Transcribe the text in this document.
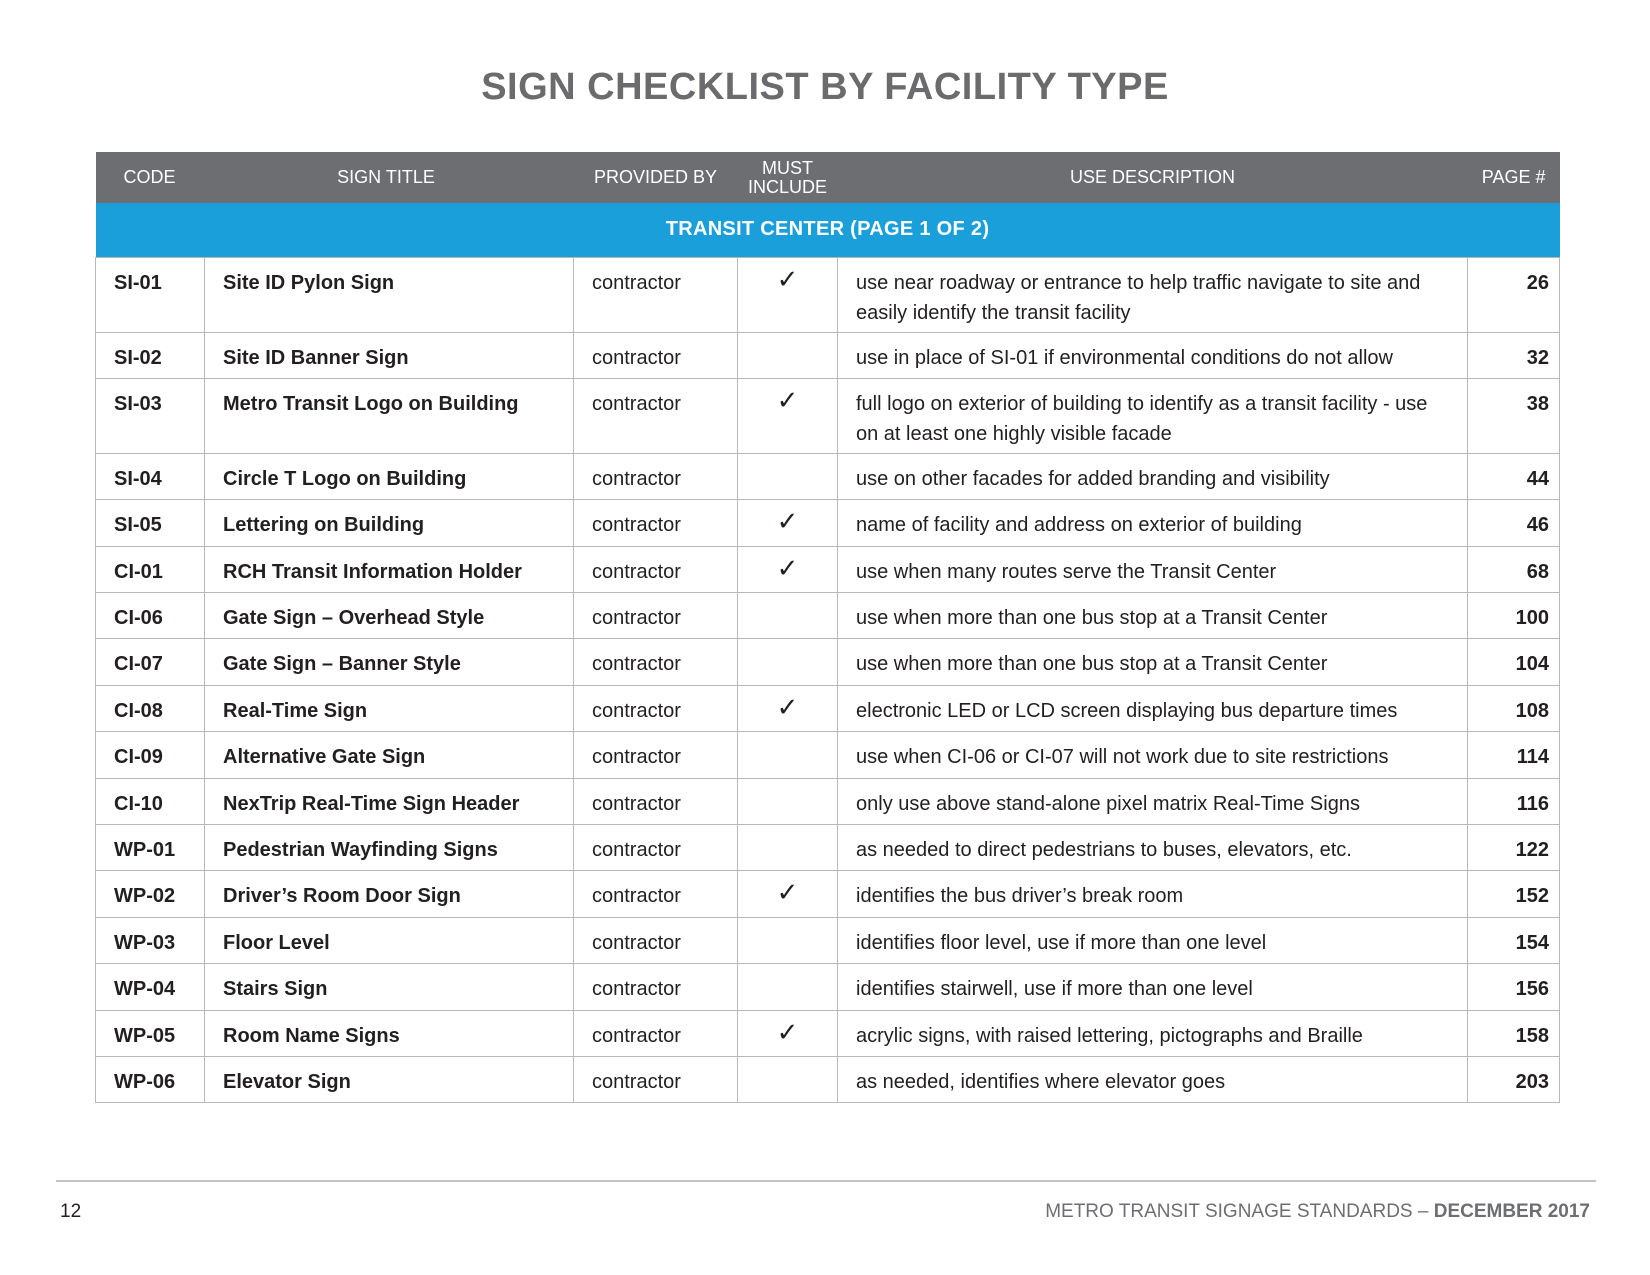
SIGN CHECKLIST BY FACILITY TYPE
CODE	SIGN TITLE	PROVIDED BY	MUST
INCLUDE	USE DESCRIPTION	PAGE #
TRANSIT CENTER (PAGE 1 OF 2)					
SI-01	Site ID Pylon Sign	contractor	✓	use near roadway or entrance to help traffic navigate to site and easily identify the transit facility	26
SI-02	Site ID Banner Sign	contractor		use in place of SI-01 if environmental conditions do not allow	32
SI-03	Metro Transit Logo on Building	contractor	✓	full logo on exterior of building to identify as a transit facility - use on at least one highly visible facade	38
SI-04	Circle T Logo on Building	contractor		use on other facades for added branding and visibility	44
SI-05	Lettering on Building	contractor	✓	name of facility and address on exterior of building	46
CI-01	RCH Transit Information Holder	contractor	✓	use when many routes serve the Transit Center	68
CI-06	Gate Sign – Overhead Style	contractor		use when more than one bus stop at a Transit Center	100
CI-07	Gate Sign – Banner Style	contractor		use when more than one bus stop at a Transit Center	104
CI-08	Real-Time Sign	contractor	✓	electronic LED or LCD screen displaying bus departure times	108
CI-09	Alternative Gate Sign	contractor		use when CI-06 or CI-07 will not work due to site restrictions	114
CI-10	NexTrip Real-Time Sign Header	contractor		only use above stand-alone pixel matrix Real-Time Signs	116
WP-01	Pedestrian Wayfinding Signs	contractor		as needed to direct pedestrians to buses, elevators, etc.	122
WP-02	Driver’s Room Door Sign	contractor	✓	identifies the bus driver’s break room	152
WP-03	Floor Level	contractor		identifies floor level, use if more than one level	154
WP-04	Stairs Sign	contractor		identifies stairwell, use if more than one level	156
WP-05	Room Name Signs	contractor	✓	acrylic signs, with raised lettering, pictographs and Braille	158
WP-06	Elevator Sign	contractor		as needed, identifies where elevator goes	203
12	METRO TRANSIT SIGNAGE STANDARDS – DECEMBER 2017
